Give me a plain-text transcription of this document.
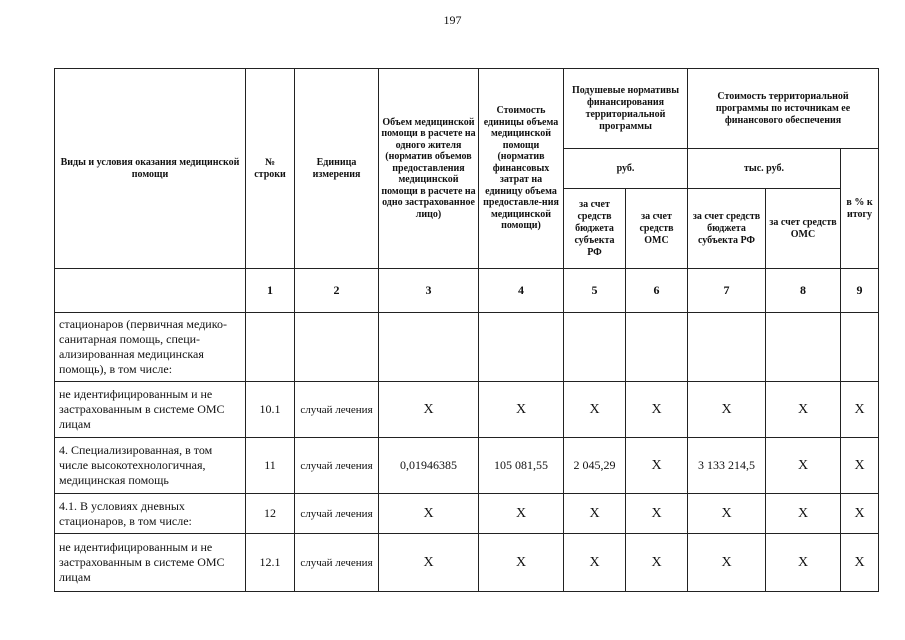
197
Виды и условия оказания медицинской помощи	№ строки	Единица измерения	Объем медицинской помощи в расчете на одного жителя (норматив объемов предоставления медицинской помощи в расчете на одно застрахованное лицо)	Стоимость единицы объема медицинской помощи (норматив финансовых затрат на единицу объема предоставле-ния медицинской помощи)	Подушевые нормативы финансирования территориальной программы		Стоимость территориальной программы по источникам ее финансового обеспечения		
					руб.		тыс. руб.		в % к итогу
					за счет средств бюджета субъекта РФ	за счет средств ОМС	за счет средств бюджета субъекта РФ	за счет средств ОМС	
	1	2	3	4	5	6	7	8	9
стационаров (первичная медико-санитарная помощь, специ-ализированная медицинская помощь), в том числе:									
не идентифицированным и не застрахованным в системе ОМС лицам	10.1	случай лечения	X	X	X	X	X	X	X
4. Специализированная, в том числе высокотехнологичная, медицинская помощь	11	случай лечения	0,01946385	105 081,55	2 045,29	X	3 133 214,5	X	X
4.1. В условиях дневных стационаров, в том числе:	12	случай лечения	X	X	X	X	X	X	X
не идентифицированным и не застрахованным в системе ОМС лицам	12.1	случай лечения	X	X	X	X	X	X	X
